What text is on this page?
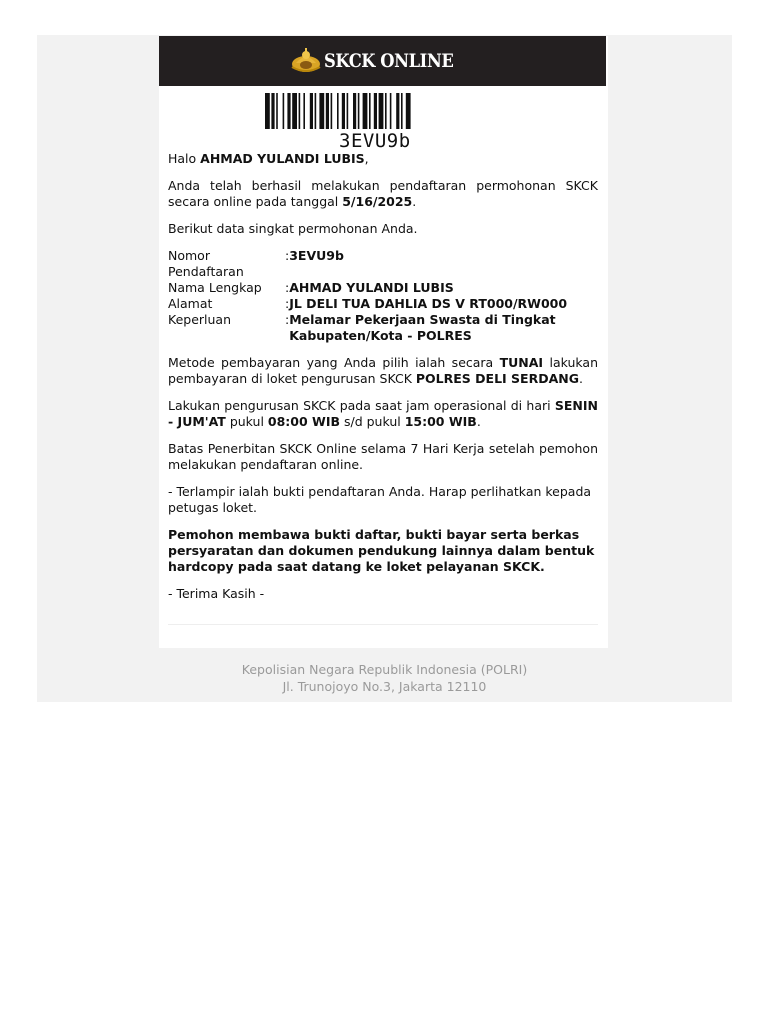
SKCK ONLINE
3EVU9b

Halo AHMAD YULANDI LUBIS,

Anda telah berhasil melakukan pendaftaran permohonan SKCK secara online pada tanggal 5/16/2025.

Berikut data singkat permohonan Anda.

Nomor Pendaftaran	:	3EVU9b
Nama Lengkap	:	AHMAD YULANDI LUBIS
Alamat	:	JL DELI TUA DAHLIA DS V RT000/RW000
Keperluan	:	Melamar Pekerjaan Swasta di Tingkat Kabupaten/Kota - POLRES

Metode pembayaran yang Anda pilih ialah secara TUNAI lakukan pembayaran di loket pengurusan SKCK POLRES DELI SERDANG.

Lakukan pengurusan SKCK pada saat jam operasional di hari SENIN - JUM'AT pukul 08:00 WIB s/d pukul 15:00 WIB.

Batas Penerbitan SKCK Online selama 7 Hari Kerja setelah pemohon melakukan pendaftaran online.

- Terlampir ialah bukti pendaftaran Anda. Harap perlihatkan kepada petugas loket.

Pemohon membawa bukti daftar, bukti bayar serta berkas persyaratan dan dokumen pendukung lainnya dalam bentuk hardcopy pada saat datang ke loket pelayanan SKCK.

- Terima Kasih -

Kepolisian Negara Republik Indonesia (POLRI)
Jl. Trunojoyo No.3, Jakarta 12110
